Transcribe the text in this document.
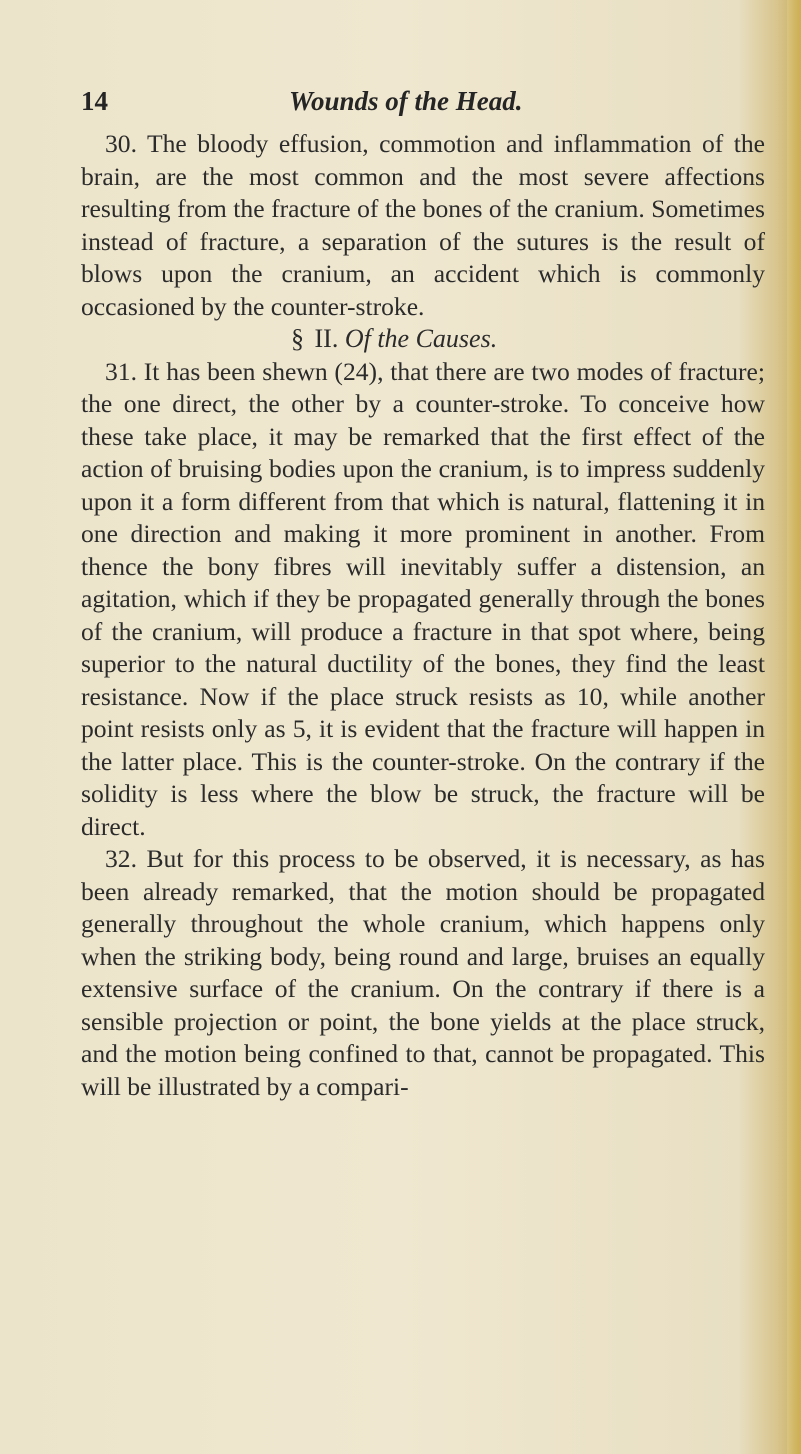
14	Wounds of the Head.

30. The bloody effusion, commotion and inflammation of the brain, are the most common and the most severe affections resulting from the fracture of the bones of the cranium. Sometimes instead of fracture, a separation of the sutures is the result of blows upon the cranium, an accident which is commonly occasioned by the counter-stroke.

§ II. Of the Causes.

31. It has been shewn (24), that there are two modes of fracture; the one direct, the other by a counter-stroke. To conceive how these take place, it may be remarked that the first effect of the action of bruising bodies upon the cranium, is to impress suddenly upon it a form different from that which is natural, flattening it in one direction and making it more prominent in another. From thence the bony fibres will inevitably suffer a distension, an agitation, which if they be propagated generally through the bones of the cranium, will produce a fracture in that spot where, being superior to the natural ductility of the bones, they find the least resistance. Now if the place struck resists as 10, while another point resists only as 5, it is evident that the fracture will happen in the latter place. This is the counter-stroke. On the contrary if the solidity is less where the blow be struck, the fracture will be direct.

32. But for this process to be observed, it is necessary, as has been already remarked, that the motion should be propagated generally throughout the whole cranium, which happens only when the striking body, being round and large, bruises an equally extensive surface of the cranium. On the contrary if there is a sensible projection or point, the bone yields at the place struck, and the motion being confined to that, cannot be propagated. This will be illustrated by a compari-
